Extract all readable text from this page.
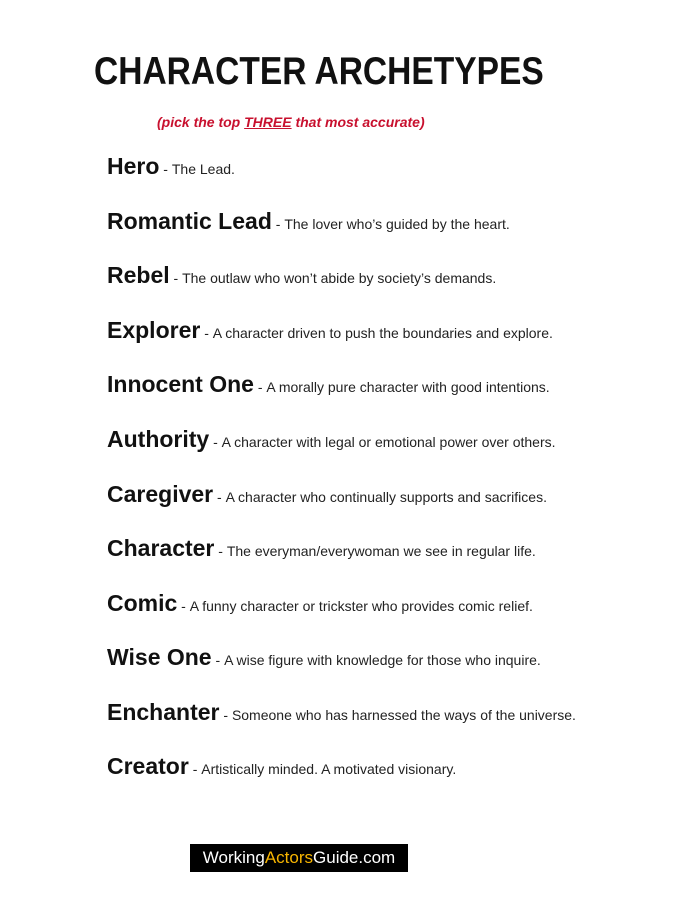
CHARACTER ARCHETYPES
(pick the top THREE that most accurate)
Hero - The Lead.
Romantic Lead - The lover who’s guided by the heart.
Rebel - The outlaw who won’t abide by society’s demands.
Explorer - A character driven to push the boundaries and explore.
Innocent One - A morally pure character with good intentions.
Authority - A character with legal or emotional power over others.
Caregiver - A character who continually supports and sacrifices.
Character - The everyman/everywoman we see in regular life.
Comic - A funny character or trickster who provides comic relief.
Wise One - A wise figure with knowledge for those who inquire.
Enchanter - Someone who has harnessed the ways of the universe.
Creator - Artistically minded. A motivated visionary.
Working Actors Guide.com
